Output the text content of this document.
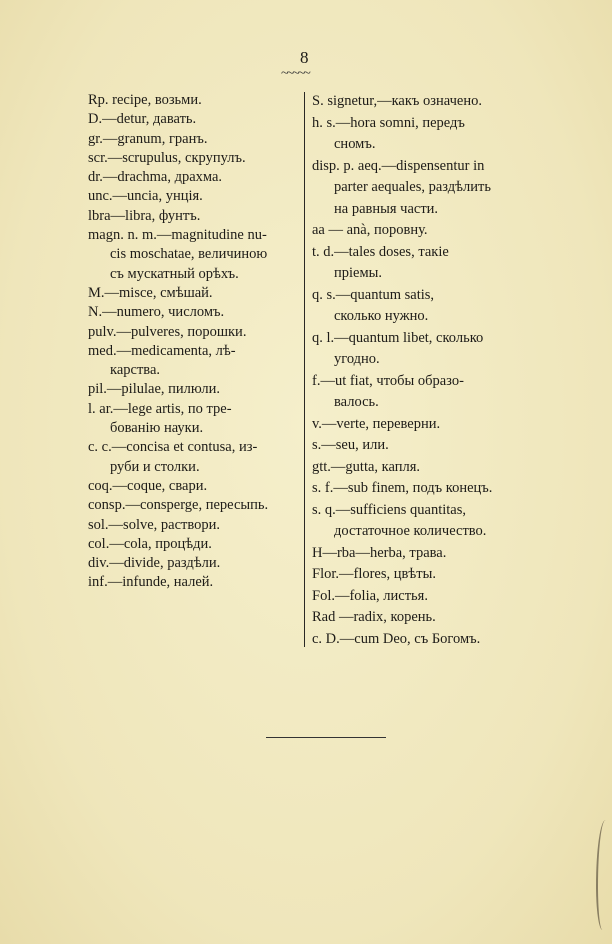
8
~~~~~
Rp. recipe, возьми.
D.—detur, давать.
gr.—granum, гранъ.
scr.—scrupulus, скрупулъ.
dr.—drachma, драхма.
unc.—uncia, унція.
lbra—libra, фунтъ.
magn. n. m.—magnitudine nu-
cis moschatae, величиною
съ мускатный орѣхъ.
M.—misce, смѣшай.
N.—numero, числомъ.
pulv.—pulveres, порошки.
med.—medicamenta, лѣ-
карства.
pil.—pilulae, пилюли.
l. ar.—lege artis, по тре-
бованію науки.
c. c.—concisa et contusa, из-
руби и столки.
coq.—coque, свари.
consp.—consperge, пересыпь.
sol.—solve, раствори.
col.—cola, процѣди.
div.—divide, раздѣли.
inf.—infunde, налей.
S. signetur,—какъ означено.
h. s.—hora somni, передъ
сномъ.
disp. p. aeq.—dispensentur in
parter aequales, раздѣлить
на равныя части.
aa — anà, поровну.
t. d.—tales doses, такіе
пріемы.
q. s.—quantum satis,
сколько нужно.
q. l.—quantum libet, сколько
угодно.
f.—ut fiat, чтобы образо-
валось.
v.—verte, переверни.
s.—seu, или.
gtt.—gutta, капля.
s. f.—sub finem, подъ конецъ.
s. q.—sufficiens quantitas,
достаточное количество.
H—rba—herba, трава.
Flor.—flores, цвѣты.
Fol.—folia, листья.
Rad —radix, корень.
c. D.—cum Deo, съ Богомъ.
